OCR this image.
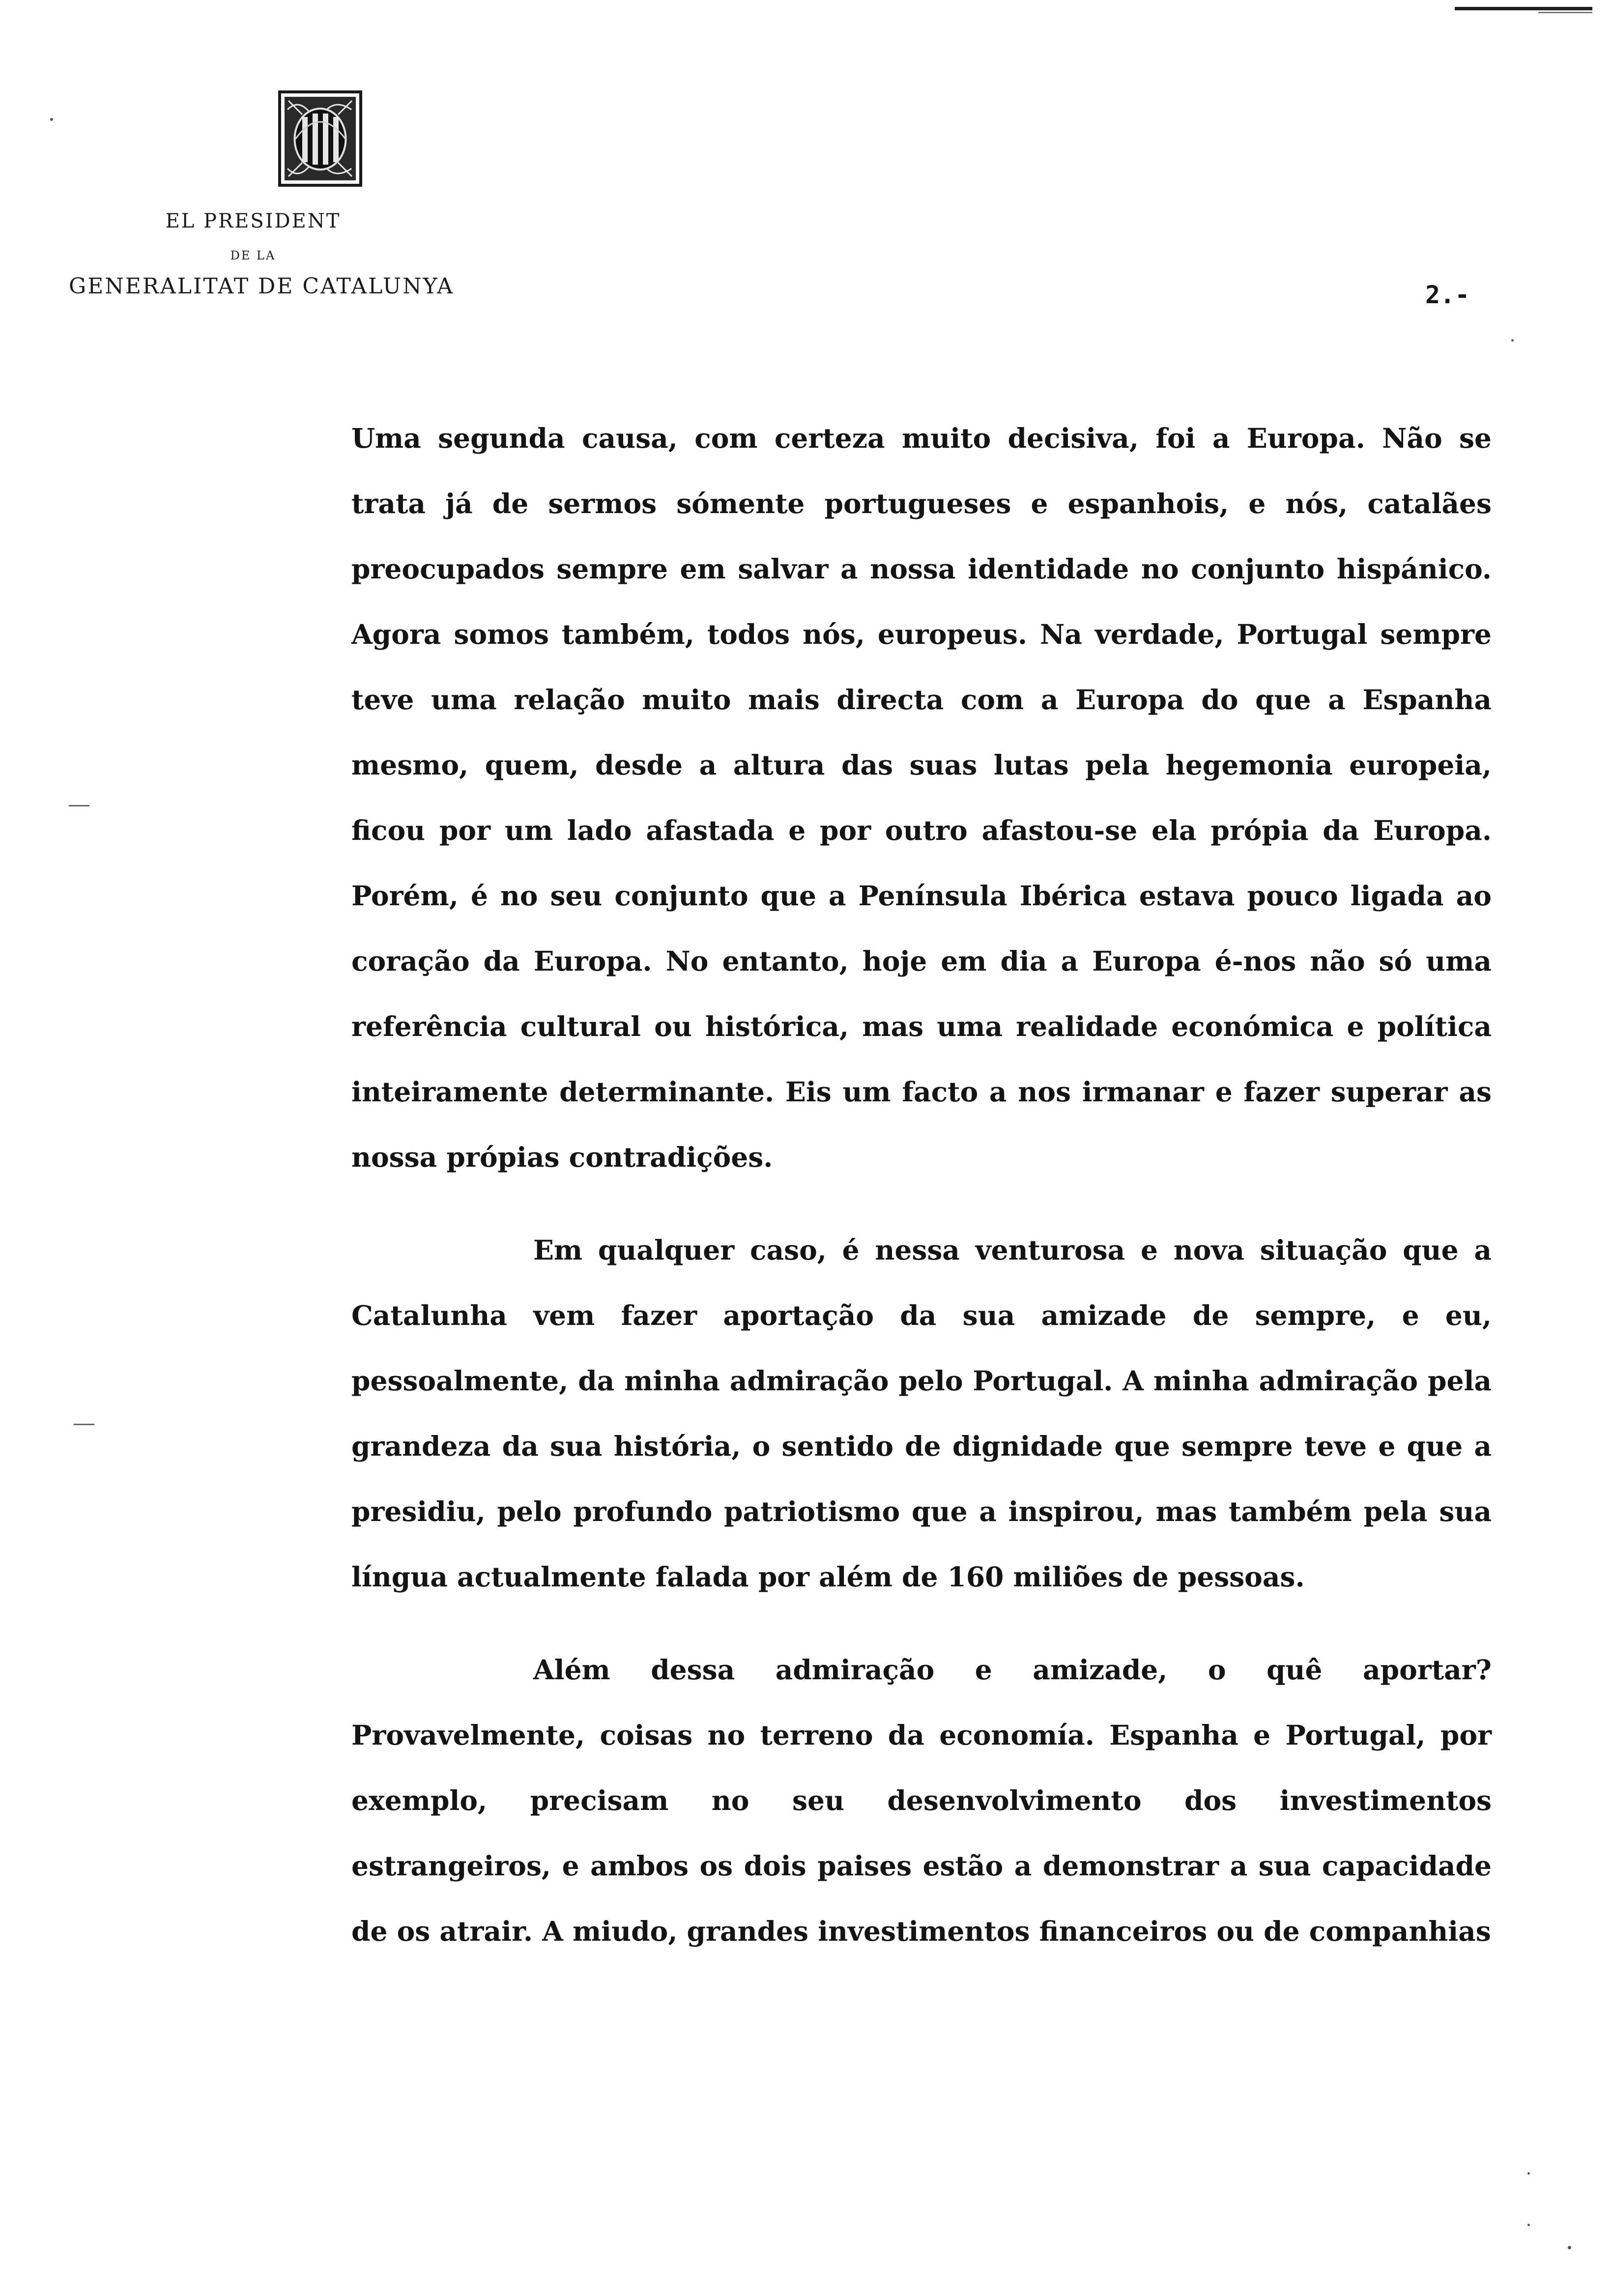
EL PRESIDENT
DE LA
GENERALITAT DE CATALUNYA	2.-

Uma segunda causa, com certeza muito decisiva, foi a Europa. Não se trata já de sermos sómente portugueses e espanhois, e nós, catalães preocupados sempre em salvar a nossa identidade no conjunto hispánico. Agora somos também, todos nós, europeus. Na verdade, Portugal sempre teve uma relação muito mais directa com a Europa do que a Espanha mesmo, quem, desde a altura das suas lutas pela hegemonia europeia, ficou por um lado afastada e por outro afastou-se ela própia da Europa. Porém, é no seu conjunto que a Península Ibérica estava pouco ligada ao coração da Europa. No entanto, hoje em dia a Europa é-nos não só uma referência cultural ou histórica, mas uma realidade económica e política inteiramente determinante. Eis um facto a nos irmanar e fazer superar as nossa própias contradições.

Em qualquer caso, é nessa venturosa e nova situação que a Catalunha vem fazer aportação da sua amizade de sempre, e eu, pessoalmente, da minha admiração pelo Portugal. A minha admiração pela grandeza da sua história, o sentido de dignidade que sempre teve e que a presidiu, pelo profundo patriotismo que a inspirou, mas também pela sua língua actualmente falada por além de 160 miliões de pessoas.

Além dessa admiração e amizade, o quê aportar? Provavelmente, coisas no terreno da economía. Espanha e Portugal, por exemplo, precisam no seu desenvolvimento dos investimentos estrangeiros, e ambos os dois paises estão a demonstrar a sua capacidade de os atrair. A miudo, grandes investimentos financeiros ou de companhias
